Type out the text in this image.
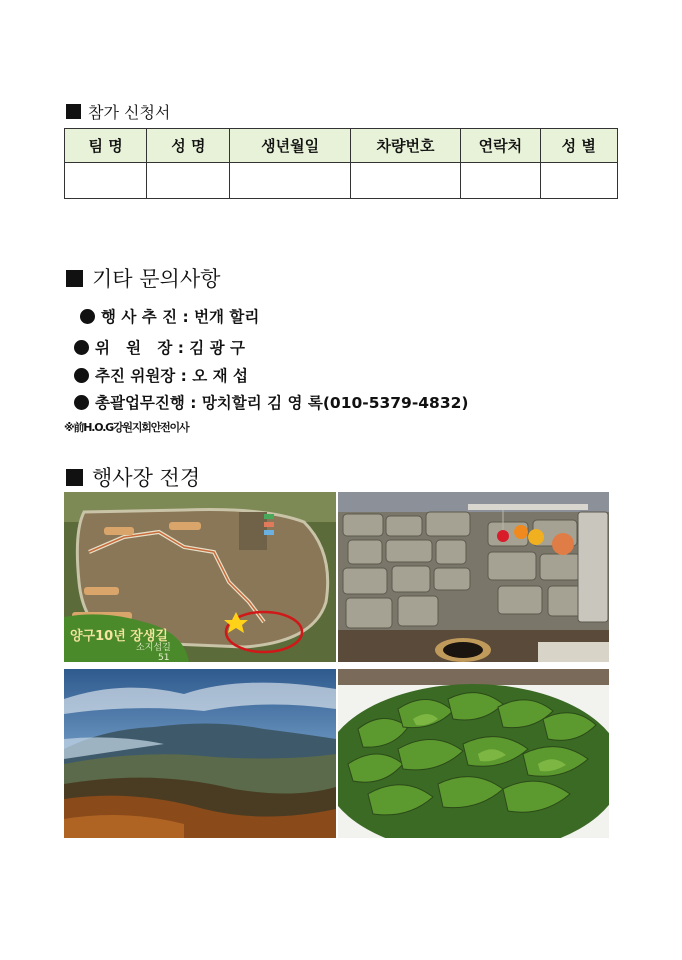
참가 신청서
팀 명	성 명	생년월일	차량번호	연락처	성 별

기타 문의사항
행 사 추 진 : 번개 할리
위   원   장 : 김 광 구
추진 위원장 : 오 재 섭
총괄업무진행 : 망치할리 김 영 록(010-5379-4832)
※前H.O.G강원지회안전이사
행사장 전경
양구10년 장생길
소지섭길
51
